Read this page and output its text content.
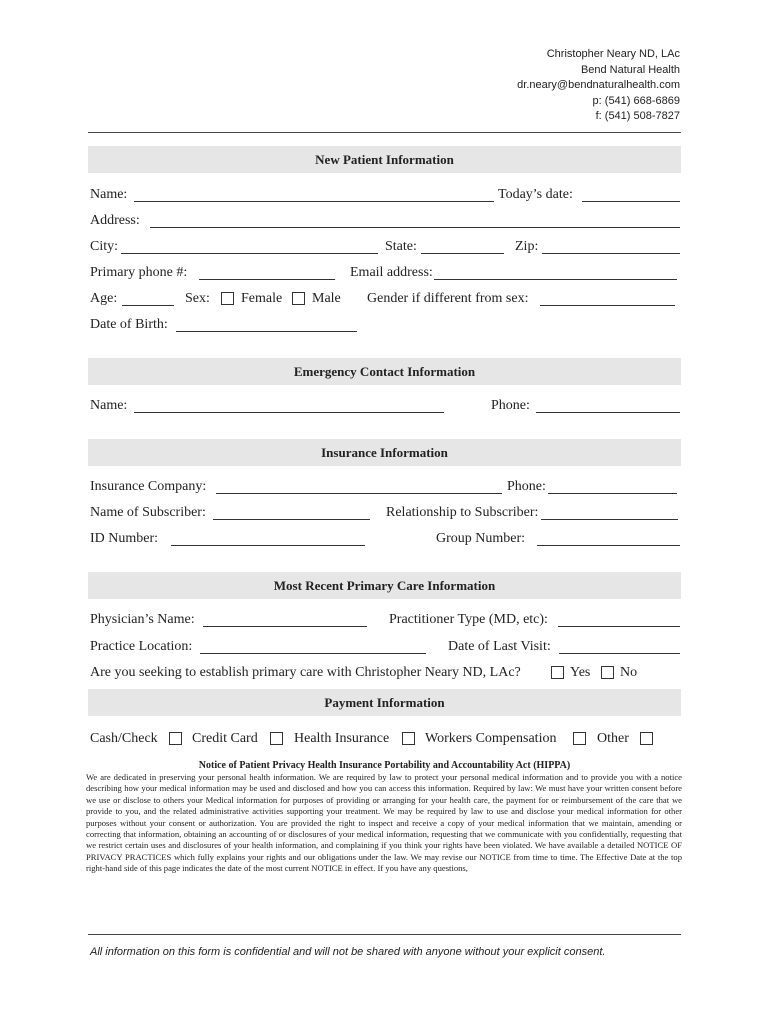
Christopher Neary ND, LAc
Bend Natural Health
dr.neary@bendnaturalhealth.com
p: (541) 668-6869
f: (541) 508-7827
New Patient Information
Name:	Today’s date:
Address:
City:	State:	Zip:
Primary phone #:	Email address:
Age:	Sex: Female Male Gender if different from sex:
Date of Birth:
Emergency Contact Information
Name:	Phone:
Insurance Information
Insurance Company:	Phone:
Name of Subscriber:	Relationship to Subscriber:
ID Number:	Group Number:
Most Recent Primary Care Information
Physician’s Name:	Practitioner Type (MD, etc):
Practice Location:	Date of Last Visit:
Are you seeking to establish primary care with Christopher Neary ND, LAc?	Yes No
Payment Information
Cash/Check Credit Card	Health Insurance	Workers Compensation	Other
Notice of Patient Privacy Health Insurance Portability and Accountability Act (HIPPA)
We are dedicated in preserving your personal health information. We are required by law to protect your personal medical information and to provide you with a notice describing how your medical information may be used and disclosed and how you can access this information. Required by law: We must have your written consent before we use or disclose to others your Medical information for purposes of providing or arranging for your health care, the payment for or reimbursement of the care that we provide to you, and the related administrative activities supporting your treatment. We may be required by law to use and disclose your medical information for other purposes without your consent or authorization. You are provided the right to inspect and receive a copy of your medical information that we maintain, amending or correcting that information, obtaining an accounting of or disclosures of your medical information, requesting that we communicate with you confidentially, requesting that we restrict certain uses and disclosures of your health information, and complaining if you think your rights have been violated. We have available a detailed NOTICE OF PRIVACY PRACTICES which fully explains your rights and our obligations under the law. We may revise our NOTICE from time to time. The Effective Date at the top right-hand side of this page indicates the date of the most current NOTICE in effect. If you have any questions,
All information on this form is confidential and will not be shared with anyone without your explicit consent.
